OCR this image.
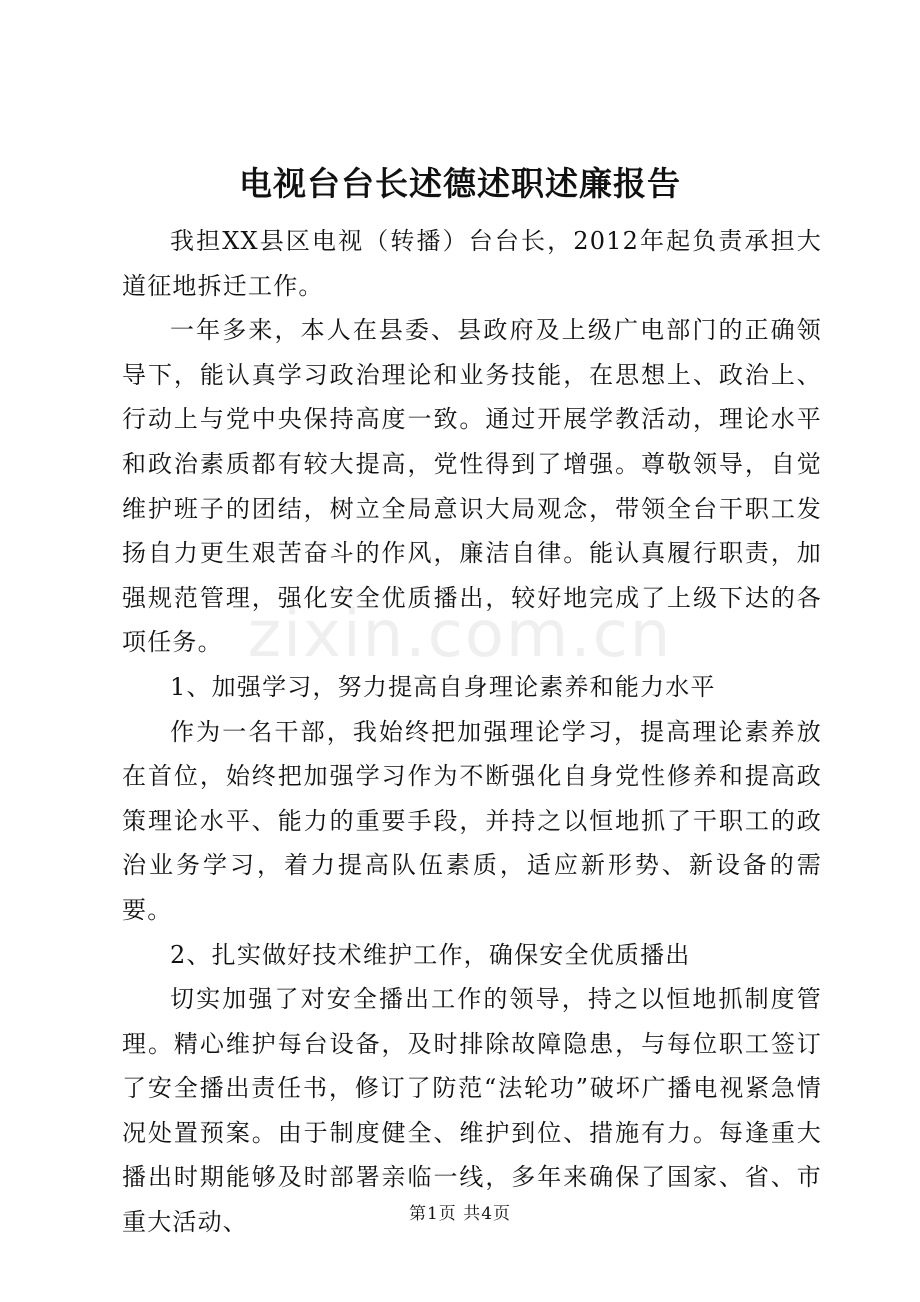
电视台台长述德述职述廉报告

我担XX县区电视（转播）台台长，2012年起负责承担大道征地拆迁工作。

一年多来，本人在县委、县政府及上级广电部门的正确领导下，能认真学习政治理论和业务技能，在思想上、政治上、行动上与党中央保持高度一致。通过开展学教活动，理论水平和政治素质都有较大提高，党性得到了增强。尊敬领导，自觉维护班子的团结，树立全局意识大局观念，带领全台干职工发扬自力更生艰苦奋斗的作风，廉洁自律。能认真履行职责，加强规范管理，强化安全优质播出，较好地完成了上级下达的各项任务。

1、加强学习，努力提高自身理论素养和能力水平

作为一名干部，我始终把加强理论学习，提高理论素养放在首位，始终把加强学习作为不断强化自身党性修养和提高政策理论水平、能力的重要手段，并持之以恒地抓了干职工的政治业务学习，着力提高队伍素质，适应新形势、新设备的需要。

2、扎实做好技术维护工作，确保安全优质播出

切实加强了对安全播出工作的领导，持之以恒地抓制度管理。精心维护每台设备，及时排除故障隐患，与每位职工签订了安全播出责任书，修订了防范“法轮功”破坏广播电视紧急情况处置预案。由于制度健全、维护到位、措施有力。每逢重大播出时期能够及时部署亲临一线，多年来确保了国家、省、市重大活动、

zixin.com.cn
第1页 共4页
